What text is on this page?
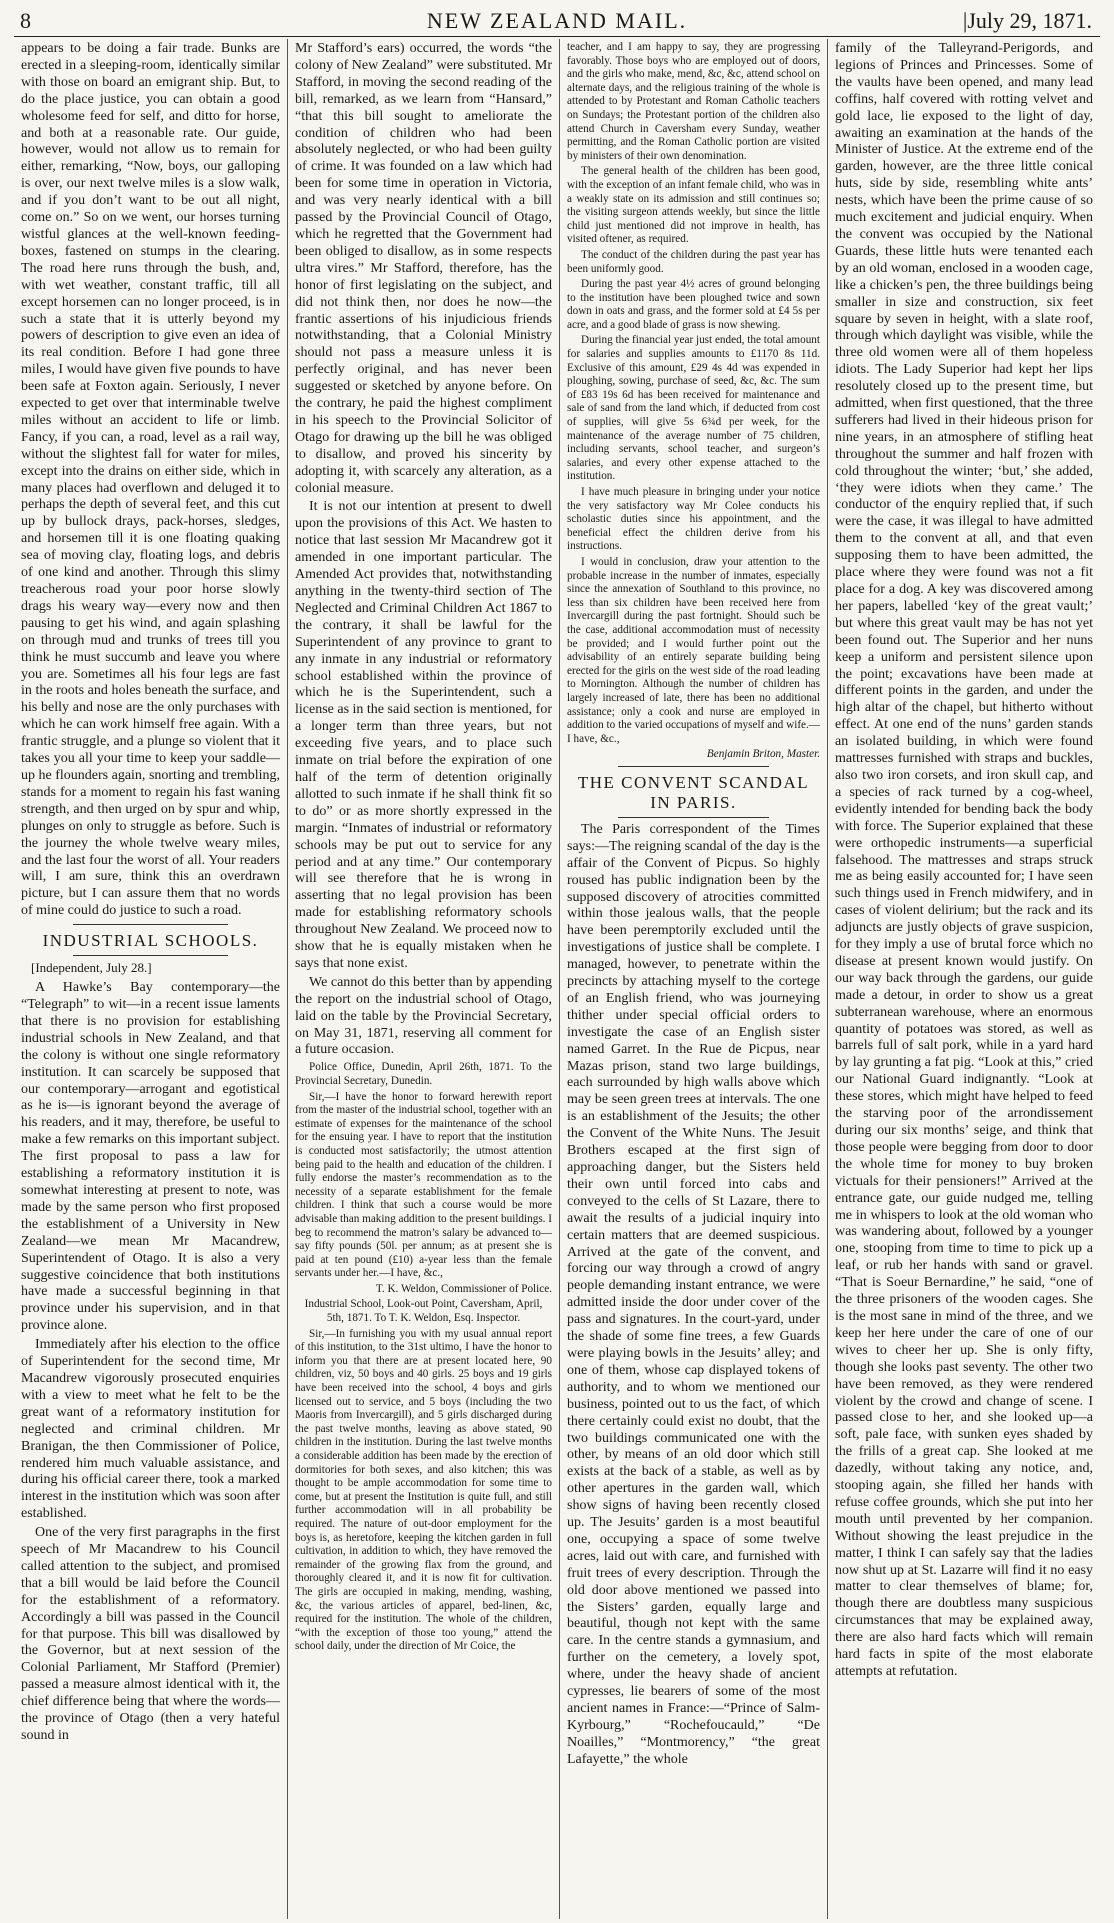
8	NEW ZEALAND MAIL.	|July 29, 1871.

appears to be doing a fair trade. Bunks are erected in a sleeping-room, identically similar with those on board an emigrant ship. But, to do the place justice, you can obtain a good wholesome feed for self, and ditto for horse, and both at a reasonable rate. Our guide, however, would not allow us to remain for either, remarking, “Now, boys, our galloping is over, our next twelve miles is a slow walk, and if you don’t want to be out all night, come on.” So on we went, our horses turning wistful glances at the well-known feeding-boxes, fastened on stumps in the clearing. The road here runs through the bush, and, with wet weather, constant traffic, till all except horsemen can no longer proceed, is in such a state that it is utterly beyond my powers of description to give even an idea of its real condition. Before I had gone three miles, I would have given five pounds to have been safe at Foxton again. Seriously, I never expected to get over that interminable twelve miles without an accident to life or limb. Fancy, if you can, a road, level as a rail way, without the slightest fall for water for miles, except into the drains on either side, which in many places had overflown and deluged it to perhaps the depth of several feet, and this cut up by bullock drays, pack-horses, sledges, and horsemen till it is one floating quaking sea of moving clay, floating logs, and debris of one kind and another. Through this slimy treacherous road your poor horse slowly drags his weary way—every now and then pausing to get his wind, and again splashing on through mud and trunks of trees till you think he must succumb and leave you where you are. Sometimes all his four legs are fast in the roots and holes beneath the surface, and his belly and nose are the only purchases with which he can work himself free again. With a frantic struggle, and a plunge so violent that it takes you all your time to keep your saddle—up he flounders again, snorting and trembling, stands for a moment to regain his fast waning strength, and then urged on by spur and whip, plunges on only to struggle as before. Such is the journey the whole twelve weary miles, and the last four the worst of all. Your readers will, I am sure, think this an overdrawn picture, but I can assure them that no words of mine could do justice to such a road.

INDUSTRIAL SCHOOLS.

[Independent, July 28.]

A Hawke’s Bay contemporary—the “Telegraph” to wit—in a recent issue laments that there is no provision for establishing industrial schools in New Zealand, and that the colony is without one single reformatory institution. It can scarcely be supposed that our contemporary—arrogant and egotistical as he is—is ignorant beyond the average of his readers, and it may, therefore, be useful to make a few remarks on this important subject. The first proposal to pass a law for establishing a reformatory institution it is somewhat interesting at present to note, was made by the same person who first proposed the establishment of a University in New Zealand—we mean Mr Macandrew, Superintendent of Otago. It is also a very suggestive coincidence that both institutions have made a successful beginning in that province under his supervision, and in that province alone.

Immediately after his election to the office of Superintendent for the second time, Mr Macandrew vigorously prosecuted enquiries with a view to meet what he felt to be the great want of a reformatory institution for neglected and criminal children. Mr Branigan, the then Commissioner of Police, rendered him much valuable assistance, and during his official career there, took a marked interest in the institution which was soon after established.

One of the very first paragraphs in the first speech of Mr Macandrew to his Council called attention to the subject, and promised that a bill would be laid before the Council for the establishment of a reformatory. Accordingly a bill was passed in the Council for that purpose. This bill was disallowed by the Governor, but at next session of the Colonial Parliament, Mr Stafford (Premier) passed a measure almost identical with it, the chief difference being that where the words—the province of Otago (then a very hateful sound in

Mr Stafford’s ears) occurred, the words “the colony of New Zealand” were substituted. Mr Stafford, in moving the second reading of the bill, remarked, as we learn from “Hansard,” “that this bill sought to ameliorate the condition of children who had been absolutely neglected, or who had been guilty of crime. It was founded on a law which had been for some time in operation in Victoria, and was very nearly identical with a bill passed by the Provincial Council of Otago, which he regretted that the Government had been obliged to disallow, as in some respects ultra vires.” Mr Stafford, therefore, has the honor of first legislating on the subject, and did not think then, nor does he now—the frantic assertions of his injudicious friends notwithstanding, that a Colonial Ministry should not pass a measure unless it is perfectly original, and has never been suggested or sketched by anyone before. On the contrary, he paid the highest compliment in his speech to the Provincial Solicitor of Otago for drawing up the bill he was obliged to disallow, and proved his sincerity by adopting it, with scarcely any alteration, as a colonial measure.

It is not our intention at present to dwell upon the provisions of this Act. We hasten to notice that last session Mr Macandrew got it amended in one important particular. The Amended Act provides that, notwithstanding anything in the twenty-third section of The Neglected and Criminal Children Act 1867 to the contrary, it shall be lawful for the Superintendent of any province to grant to any inmate in any industrial or reformatory school established within the province of which he is the Superintendent, such a license as in the said section is mentioned, for a longer term than three years, but not exceeding five years, and to place such inmate on trial before the expiration of one half of the term of detention originally allotted to such inmate if he shall think fit so to do” or as more shortly expressed in the margin. “Inmates of industrial or reformatory schools may be put out to service for any period and at any time.” Our contemporary will see therefore that he is wrong in asserting that no legal provision has been made for establishing reformatory schools throughout New Zealand. We proceed now to show that he is equally mistaken when he says that none exist.

We cannot do this better than by appending the report on the industrial school of Otago, laid on the table by the Provincial Secretary, on May 31, 1871, reserving all comment for a future occasion.

Police Office, Dunedin, April 26th, 1871. To the Provincial Secretary, Dunedin.

Sir,—I have the honor to forward herewith report from the master of the industrial school, together with an estimate of expenses for the maintenance of the school for the ensuing year. I have to report that the institution is conducted most satisfactorily; the utmost attention being paid to the health and education of the children. I fully endorse the master’s recommendation as to the necessity of a separate establishment for the female children. I think that such a course would be more advisable than making addition to the present buildings. I beg to recommend the matron’s salary be advanced to—say fifty pounds (50l. per annum; as at present she is paid at ten pound (£10) a-year less than the female servants under her.—I have, &c.,

T. K. Weldon, Commissioner of Police.

Industrial School, Look-out Point, Caversham, April, 5th, 1871. To T. K. Weldon, Esq. Inspector.

Sir,—In furnishing you with my usual annual report of this institution, to the 31st ultimo, I have the honor to inform you that there are at present located here, 90 children, viz, 50 boys and 40 girls. 25 boys and 19 girls have been received into the school, 4 boys and girls licensed out to service, and 5 boys (including the two Maoris from Invercargill), and 5 girls discharged during the past twelve months, leaving as above stated, 90 children in the institution. During the last twelve months a considerable addition has been made by the erection of dormitories for both sexes, and also kitchen; this was thought to be ample accommodation for some time to come, but at present the Institution is quite full, and still further accommodation will in all probability be required. The nature of out-door employment for the boys is, as heretofore, keeping the kitchen garden in full cultivation, in addition to which, they have removed the remainder of the growing flax from the ground, and thoroughly cleared it, and it is now fit for cultivation. The girls are occupied in making, mending, washing, &c, the various articles of apparel, bed-linen, &c, required for the institution. The whole of the children, “with the exception of those too young,” attend the school daily, under the direction of Mr Coice, the

teacher, and I am happy to say, they are progressing favorably. Those boys who are employed out of doors, and the girls who make, mend, &c, &c, attend school on alternate days, and the religious training of the whole is attended to by Protestant and Roman Catholic teachers on Sundays; the Protestant portion of the children also attend Church in Caversham every Sunday, weather permitting, and the Roman Catholic portion are visited by ministers of their own denomination.

The general health of the children has been good, with the exception of an infant female child, who was in a weakly state on its admission and still continues so; the visiting surgeon attends weekly, but since the little child just mentioned did not improve in health, has visited oftener, as required.

The conduct of the children during the past year has been uniformly good.

During the past year 4½ acres of ground belonging to the institution have been ploughed twice and sown down in oats and grass, and the former sold at £4 5s per acre, and a good blade of grass is now shewing.

During the financial year just ended, the total amount for salaries and supplies amounts to £1170 8s 11d. Exclusive of this amount, £29 4s 4d was expended in ploughing, sowing, purchase of seed, &c, &c. The sum of £83 19s 6d has been received for maintenance and sale of sand from the land which, if deducted from cost of supplies, will give 5s 6¾d per week, for the maintenance of the average number of 75 children, including servants, school teacher, and surgeon’s salaries, and every other expense attached to the institution.

I have much pleasure in bringing under your notice the very satisfactory way Mr Colee conducts his scholastic duties since his appointment, and the beneficial effect the children derive from his instructions.

I would in conclusion, draw your attention to the probable increase in the number of inmates, especially since the annexation of Southland to this province, no less than six children have been received here from Invercargill during the past fortnight. Should such be the case, additional accommodation must of necessity be provided; and I would further point out the advisability of an entirely separate building being erected for the girls on the west side of the road leading to Mornington. Although the number of children has largely increased of late, there has been no additional assistance; only a cook and nurse are employed in addition to the varied occupations of myself and wife.—I have, &c.,

Benjamin Briton, Master.

THE CONVENT SCANDAL IN PARIS.

The Paris correspondent of the Times says:—The reigning scandal of the day is the affair of the Convent of Picpus. So highly roused has public indignation been by the supposed discovery of atrocities committed within those jealous walls, that the people have been peremptorily excluded until the investigations of justice shall be complete. I managed, however, to penetrate within the precincts by attaching myself to the cortege of an English friend, who was journeying thither under special official orders to investigate the case of an English sister named Garret. In the Rue de Picpus, near Mazas prison, stand two large buildings, each surrounded by high walls above which may be seen green trees at intervals. The one is an establishment of the Jesuits; the other the Convent of the White Nuns. The Jesuit Brothers escaped at the first sign of approaching danger, but the Sisters held their own until forced into cabs and conveyed to the cells of St Lazare, there to await the results of a judicial inquiry into certain matters that are deemed suspicious. Arrived at the gate of the convent, and forcing our way through a crowd of angry people demanding instant entrance, we were admitted inside the door under cover of the pass and signatures. In the court-yard, under the shade of some fine trees, a few Guards were playing bowls in the Jesuits’ alley; and one of them, whose cap displayed tokens of authority, and to whom we mentioned our business, pointed out to us the fact, of which there certainly could exist no doubt, that the two buildings communicated one with the other, by means of an old door which still exists at the back of a stable, as well as by other apertures in the garden wall, which show signs of having been recently closed up. The Jesuits’ garden is a most beautiful one, occupying a space of some twelve acres, laid out with care, and furnished with fruit trees of every description. Through the old door above mentioned we passed into the Sisters’ garden, equally large and beautiful, though not kept with the same care. In the centre stands a gymnasium, and further on the cemetery, a lovely spot, where, under the heavy shade of ancient cypresses, lie bearers of some of the most ancient names in France:—“Prince of Salm-Kyrbourg,” “Rochefoucauld,” “De Noailles,” “Montmorency,” “the great Lafayette,” the whole

family of the Talleyrand-Perigords, and legions of Princes and Princesses. Some of the vaults have been opened, and many lead coffins, half covered with rotting velvet and gold lace, lie exposed to the light of day, awaiting an examination at the hands of the Minister of Justice. At the extreme end of the garden, however, are the three little conical huts, side by side, resembling white ants’ nests, which have been the prime cause of so much excitement and judicial enquiry. When the convent was occupied by the National Guards, these little huts were tenanted each by an old woman, enclosed in a wooden cage, like a chicken’s pen, the three buildings being smaller in size and construction, six feet square by seven in height, with a slate roof, through which daylight was visible, while the three old women were all of them hopeless idiots. The Lady Superior had kept her lips resolutely closed up to the present time, but admitted, when first questioned, that the three sufferers had lived in their hideous prison for nine years, in an atmosphere of stifling heat throughout the summer and half frozen with cold throughout the winter; ‘but,’ she added, ‘they were idiots when they came.’ The conductor of the enquiry replied that, if such were the case, it was illegal to have admitted them to the convent at all, and that even supposing them to have been admitted, the place where they were found was not a fit place for a dog. A key was discovered among her papers, labelled ‘key of the great vault;’ but where this great vault may be has not yet been found out. The Superior and her nuns keep a uniform and persistent silence upon the point; excavations have been made at different points in the garden, and under the high altar of the chapel, but hitherto without effect. At one end of the nuns’ garden stands an isolated building, in which were found mattresses furnished with straps and buckles, also two iron corsets, and iron skull cap, and a species of rack turned by a cog-wheel, evidently intended for bending back the body with force. The Superior explained that these were orthopedic instruments—a superficial falsehood. The mattresses and straps struck me as being easily accounted for; I have seen such things used in French midwifery, and in cases of violent delirium; but the rack and its adjuncts are justly objects of grave suspicion, for they imply a use of brutal force which no disease at present known would justify. On our way back through the gardens, our guide made a detour, in order to show us a great subterranean warehouse, where an enormous quantity of potatoes was stored, as well as barrels full of salt pork, while in a yard hard by lay grunting a fat pig. “Look at this,” cried our National Guard indignantly. “Look at these stores, which might have helped to feed the starving poor of the arrondissement during our six months’ seige, and think that those people were begging from door to door the whole time for money to buy broken victuals for their pensioners!” Arrived at the entrance gate, our guide nudged me, telling me in whispers to look at the old woman who was wandering about, followed by a younger one, stooping from time to time to pick up a leaf, or rub her hands with sand or gravel. “That is Soeur Bernardine,” he said, “one of the three prisoners of the wooden cages. She is the most sane in mind of the three, and we keep her here under the care of one of our wives to cheer her up. She is only fifty, though she looks past seventy. The other two have been removed, as they were rendered violent by the crowd and change of scene. I passed close to her, and she looked up—a soft, pale face, with sunken eyes shaded by the frills of a great cap. She looked at me dazedly, without taking any notice, and, stooping again, she filled her hands with refuse coffee grounds, which she put into her mouth until prevented by her companion. Without showing the least prejudice in the matter, I think I can safely say that the ladies now shut up at St. Lazarre will find it no easy matter to clear themselves of blame; for, though there are doubtless many suspicious circumstances that may be explained away, there are also hard facts which will remain hard facts in spite of the most elaborate attempts at refutation.
